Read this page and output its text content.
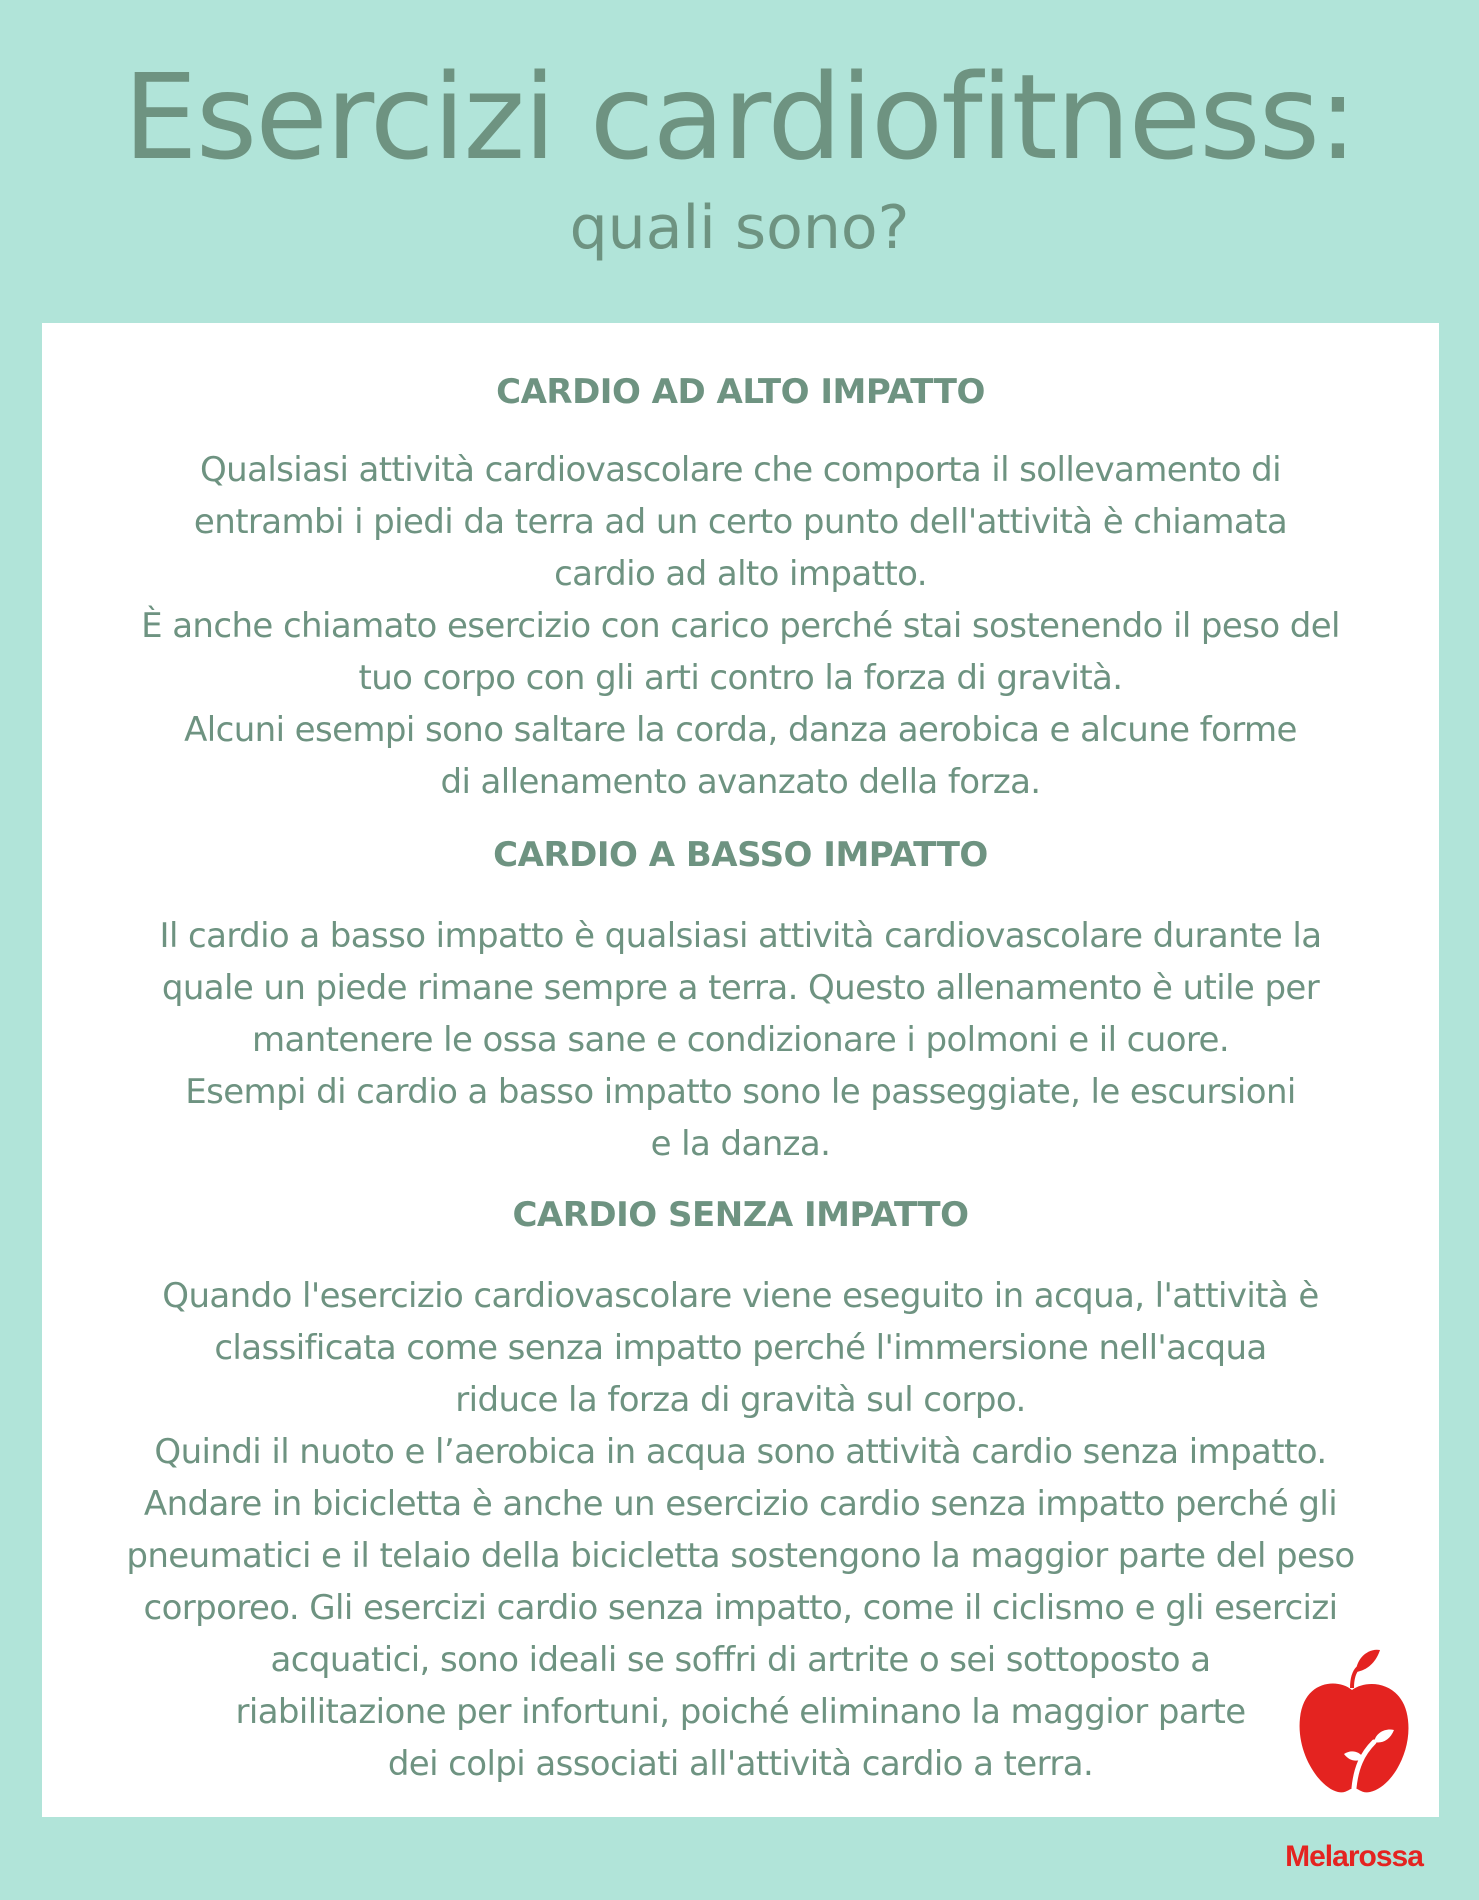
Esercizi cardiofitness:
quali sono?
CARDIO AD ALTO IMPATTO

Qualsiasi attività cardiovascolare che comporta il sollevamento di
entrambi i piedi da terra ad un certo punto dell'attività è chiamata
cardio ad alto impatto.
È anche chiamato esercizio con carico perché stai sostenendo il peso del
tuo corpo con gli arti contro la forza di gravità.
Alcuni esempi sono saltare la corda, danza aerobica e alcune forme
di allenamento avanzato della forza.

CARDIO A BASSO IMPATTO

Il cardio a basso impatto è qualsiasi attività cardiovascolare durante la
quale un piede rimane sempre a terra. Questo allenamento è utile per
mantenere le ossa sane e condizionare i polmoni e il cuore.
Esempi di cardio a basso impatto sono le passeggiate, le escursioni
e la danza.

CARDIO SENZA IMPATTO

Quando l'esercizio cardiovascolare viene eseguito in acqua, l'attività è
classificata come senza impatto perché l'immersione nell'acqua
riduce la forza di gravità sul corpo.
Quindi il nuoto e l’aerobica in acqua sono attività cardio senza impatto.
Andare in bicicletta è anche un esercizio cardio senza impatto perché gli
pneumatici e il telaio della bicicletta sostengono la maggior parte del peso
corporeo. Gli esercizi cardio senza impatto, come il ciclismo e gli esercizi
acquatici, sono ideali se soffri di artrite o sei sottoposto a
riabilitazione per infortuni, poiché eliminano la maggior parte
dei colpi associati all'attività cardio a terra.

Melarossa
